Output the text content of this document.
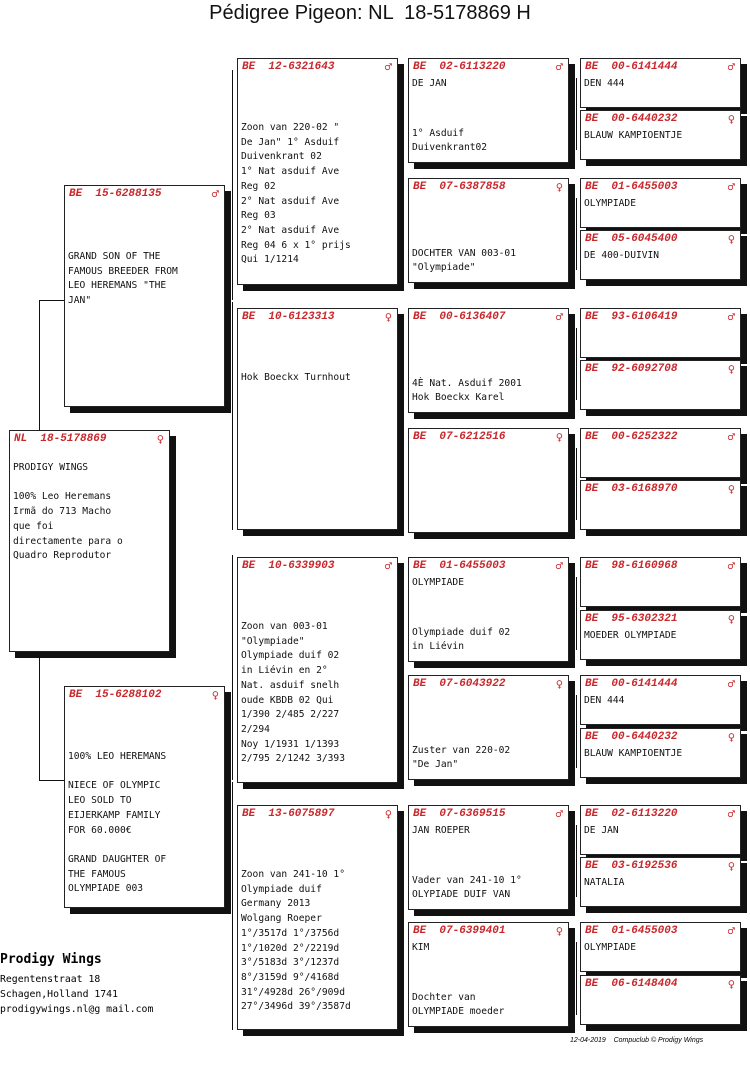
Pédigree Pigeon: NL  18-5178869 H
NL  18-5178869	♀
PRODIGY WINGS
100% Leo Heremans
Irmã do 713 Macho
que foi
directamente para o
Quadro Reprodutor
BE  15-6288135	♂
GRAND SON OF THE
FAMOUS BREEDER FROM
LEO HEREMANS "THE
JAN"
BE  15-6288102	♀
100% LEO HEREMANS
NIECE OF OLYMPIC
LEO SOLD TO
EIJERKAMP FAMILY
FOR 60.000€
GRAND DAUGHTER OF
THE FAMOUS
OLYMPIADE 003
BE  12-6321643	♂
Zoon van 220-02 "
De Jan" 1° Asduif
Duivenkrant 02
1° Nat asduif Ave
Reg 02
2° Nat asduif Ave
Reg 03
2° Nat asduif Ave
Reg 04 6 x 1° prijs
Qui 1/1214
BE  10-6123313	♀
Hok Boeckx Turnhout
BE  10-6339903	♂
Zoon van 003-01
"Olympiade"
Olympiade duif 02
in Liévin en 2°
Nat. asduif snelh
oude KBDB 02 Qui
1/390 2/485 2/227
2/294
Noy 1/1931 1/1393
2/795 2/1242 3/393
BE  13-6075897	♀
Zoon van 241-10 1°
Olympiade duif
Germany 2013
Wolgang Roeper
1°/3517d 1°/3756d
1°/1020d 2°/2219d
3°/5183d 3°/1237d
8°/3159d 9°/4168d
31°/4928d 26°/909d
27°/3496d 39°/3587d
BE  02-6113220	♂
DE JAN
1° Asduif
Duivenkrant02
BE  07-6387858	♀
DOCHTER VAN 003-01
"Olympiade"
BE  00-6136407	♂
4È Nat. Asduif 2001
Hok Boeckx Karel
BE  07-6212516	♀
BE  01-6455003	♂
OLYMPIADE
Olympiade duif 02
in Liévin
BE  07-6043922	♀
Zuster van 220-02
"De Jan"
BE  07-6369515	♂
JAN ROEPER
Vader van 241-10 1°
OLYPIADE DUIF VAN
BE  07-6399401	♀
KIM
Dochter van
OLYMPIADE moeder
BE  00-6141444	♂
DEN 444
BE  00-6440232	♀
BLAUW KAMPIOENTJE
BE  01-6455003	♂
OLYMPIADE
BE  05-6045400	♀
DE 400-DUIVIN
BE  93-6106419	♂
BE  92-6092708	♀
BE  00-6252322	♂
BE  03-6168970	♀
BE  98-6160968	♂
BE  95-6302321	♀
MOEDER OLYMPIADE
BE  00-6141444	♂
DEN 444
BE  00-6440232	♀
BLAUW KAMPIOENTJE
BE  02-6113220	♂
DE JAN
BE  03-6192536	♀
NATALIA
BE  01-6455003	♂
OLYMPIADE
BE  06-6148404	♀
Prodigy Wings
Regentenstraat 18
Schagen,Holland 1741
prodigywings.nl@g mail.com
12-04-2019    Compuclub © Prodigy Wings
